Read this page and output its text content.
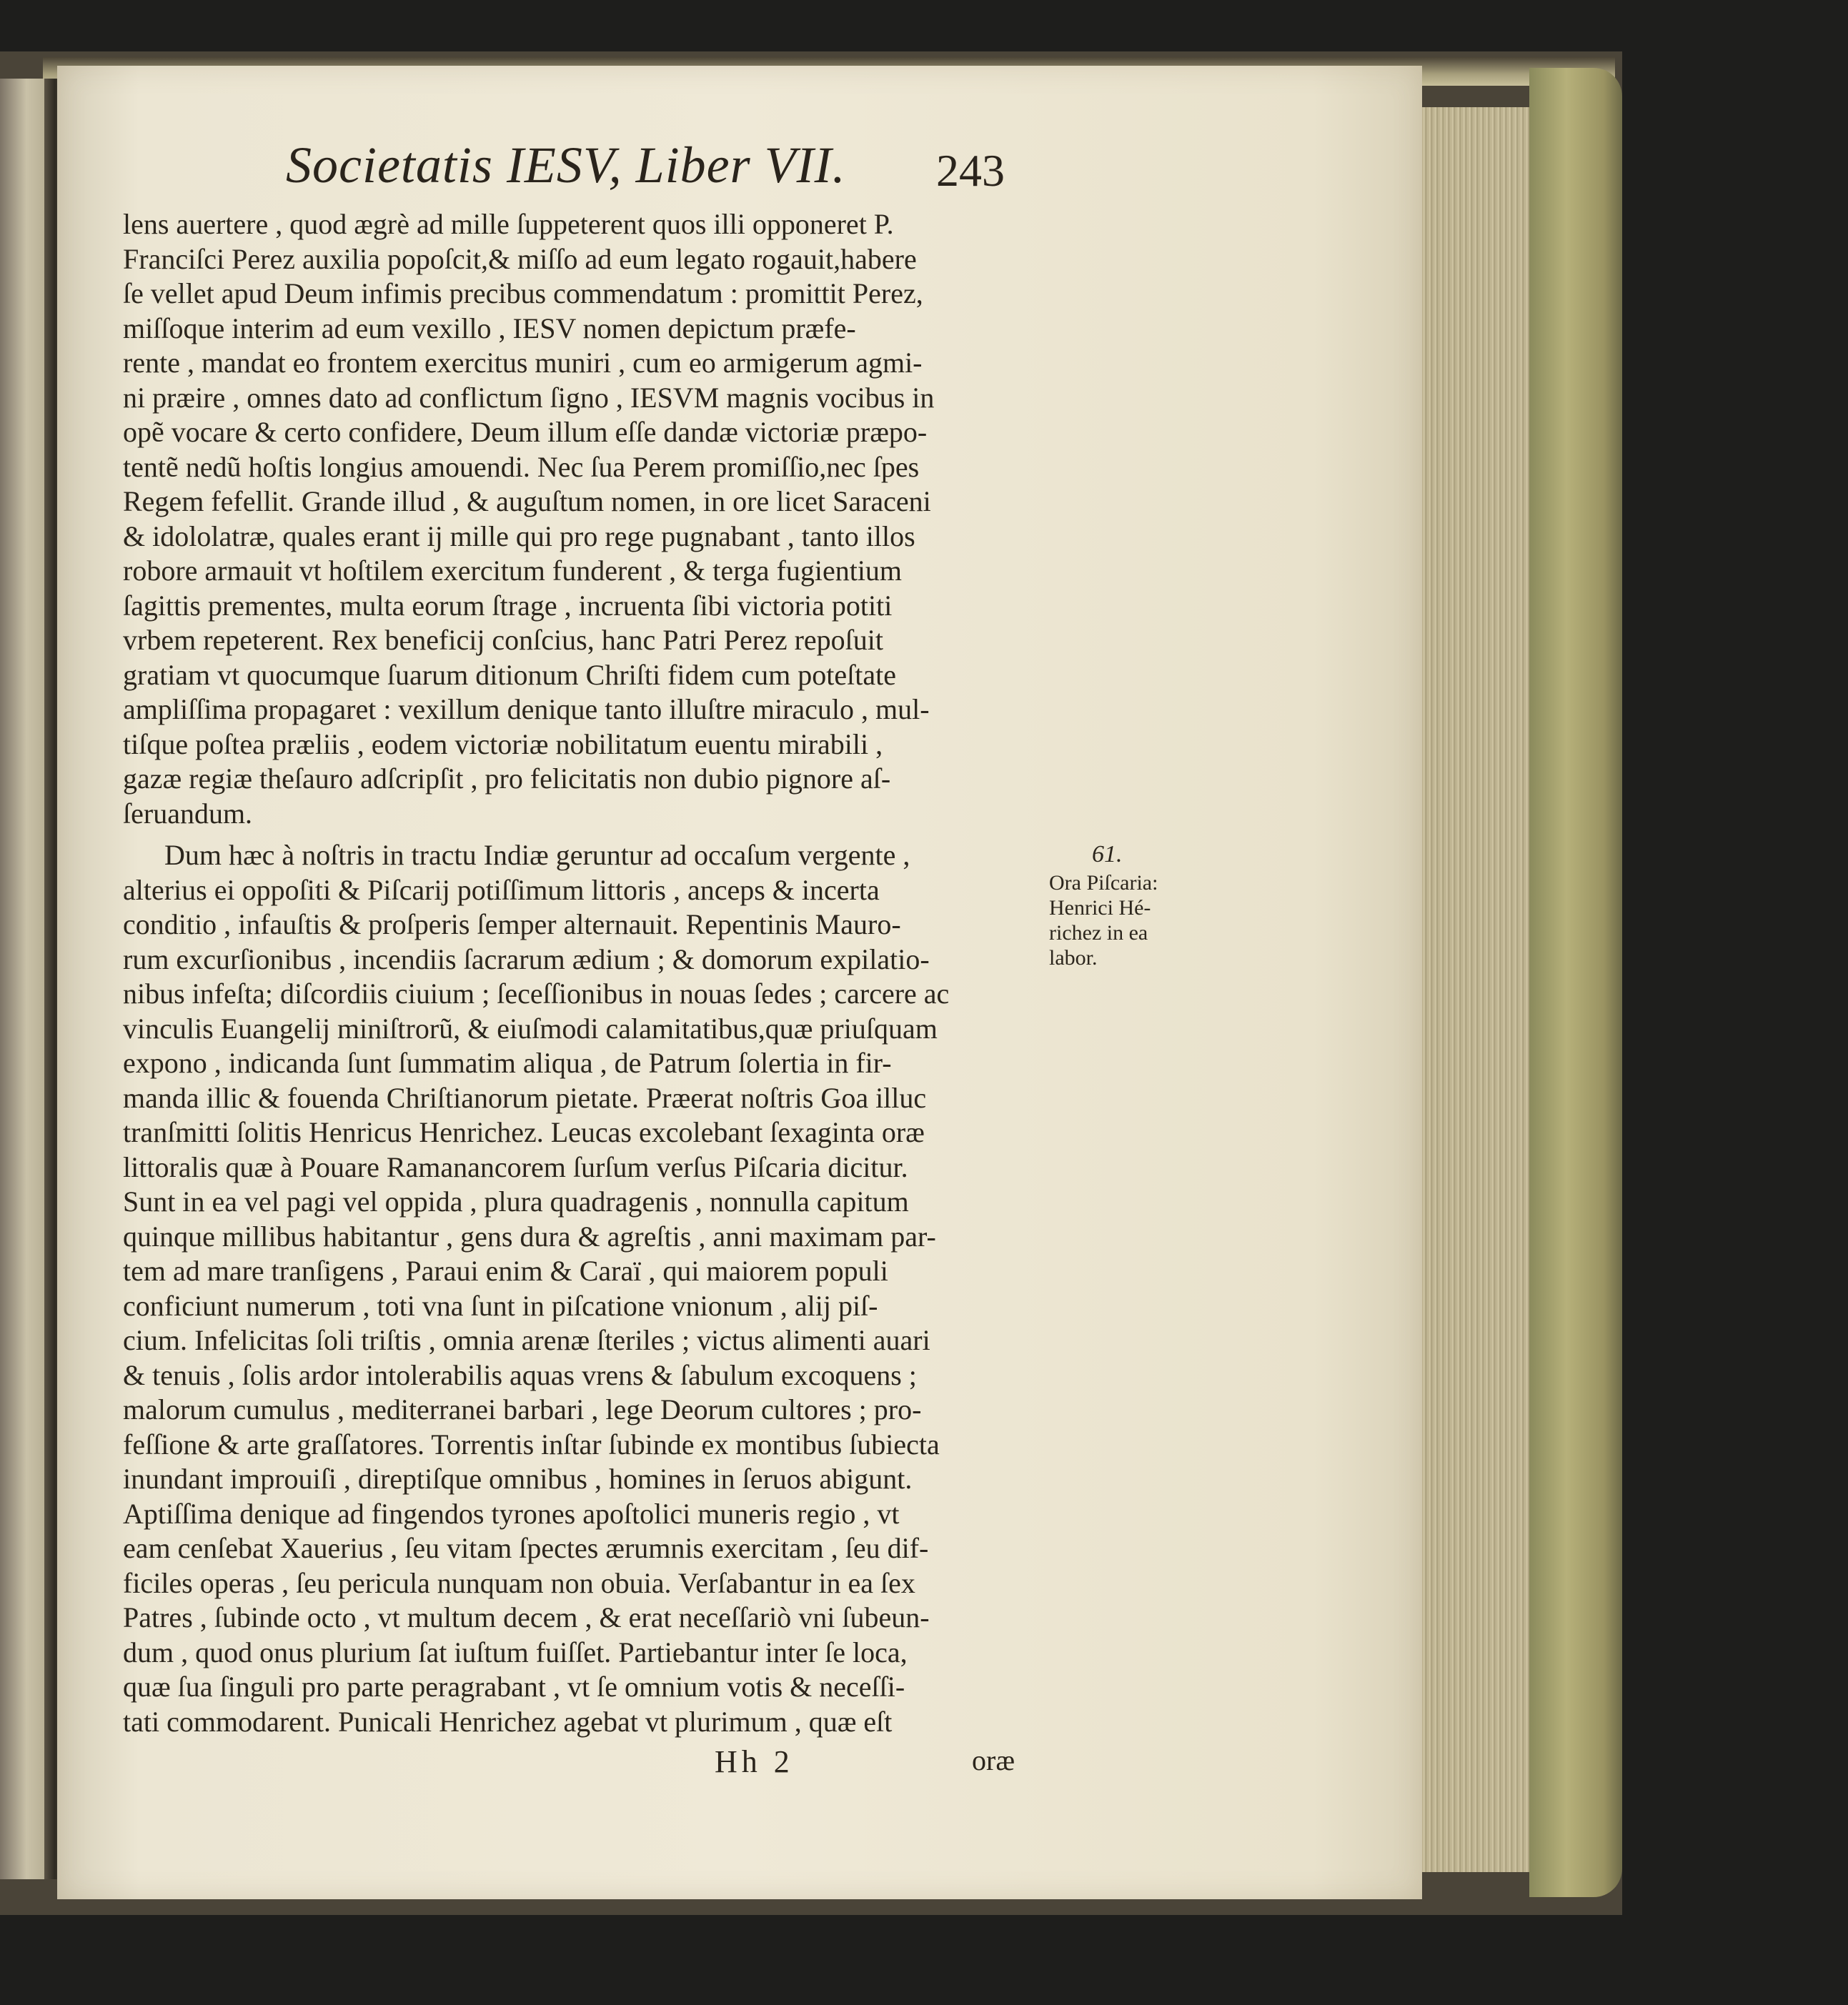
Societatis IESV, Liber VII. 243
lens auertere , quod ægrè ad mille ſuppeterent quos illi opponeret P.
Franciſci Perez auxilia popoſcit,& miſſo ad eum legato rogauit,habere
ſe vellet apud Deum infimis precibus commendatum : promittit Perez,
miſſoque interim ad eum vexillo , IESV nomen depictum præfe-
rente , mandat eo frontem exercitus muniri , cum eo armigerum agmi-
ni præire , omnes dato ad conflictum ſigno , IESVM magnis vocibus in
opẽ vocare & certo confidere, Deum illum eſſe dandæ victoriæ præpo-
tentẽ nedũ hoſtis longius amouendi. Nec ſua Perem promiſſio,nec ſpes
Regem fefellit. Grande illud , & auguſtum nomen, in ore licet Saraceni
& idololatræ, quales erant ij mille qui pro rege pugnabant , tanto illos
robore armauit vt hoſtilem exercitum funderent , & terga fugientium
ſagittis prementes, multa eorum ſtrage , incruenta ſibi victoria potiti
vrbem repeterent. Rex beneficij conſcius, hanc Patri Perez repoſuit
gratiam vt quocumque ſuarum ditionum Chriſti fidem cum poteſtate
ampliſſima propagaret : vexillum denique tanto illuſtre miraculo , mul-
tiſque poſtea præliis , eodem victoriæ nobilitatum euentu mirabili ,
gazæ regiæ theſauro adſcripſit , pro felicitatis non dubio pignore aſ-
ſeruandum.
Dum hæc à noſtris in tractu Indiæ geruntur ad occaſum vergente ,
alterius ei oppoſiti & Piſcarij potiſſimum littoris , anceps & incerta
conditio , infauſtis & proſperis ſemper alternauit. Repentinis Mauro-
rum excurſionibus , incendiis ſacrarum ædium ; & domorum expilatio-
nibus infeſta; diſcordiis ciuium ; ſeceſſionibus in nouas ſedes ; carcere ac
vinculis Euangelij miniſtrorũ, & eiuſmodi calamitatibus,quæ priuſquam
expono , indicanda ſunt ſummatim aliqua , de Patrum ſolertia in fir-
manda illic & fouenda Chriſtianorum pietate. Præerat noſtris Goa illuc
tranſmitti ſolitis Henricus Henrichez. Leucas excolebant ſexaginta oræ
littoralis quæ à Pouare Ramanancorem ſurſum verſus Piſcaria dicitur.
Sunt in ea vel pagi vel oppida , plura quadragenis , nonnulla capitum
quinque millibus habitantur , gens dura & agreſtis , anni maximam par-
tem ad mare tranſigens , Paraui enim & Caraï , qui maiorem populi
conficiunt numerum , toti vna ſunt in piſcatione vnionum , alij piſ-
cium. Infelicitas ſoli triſtis , omnia arenæ ſteriles ; victus alimenti auari
& tenuis , ſolis ardor intolerabilis aquas vrens & ſabulum excoquens ;
malorum cumulus , mediterranei barbari , lege Deorum cultores ; pro-
feſſione & arte graſſatores. Torrentis inſtar ſubinde ex montibus ſubiecta
inundant improuiſi , direptiſque omnibus , homines in ſeruos abigunt.
Aptiſſima denique ad fingendos tyrones apoſtolici muneris regio , vt
eam cenſebat Xauerius , ſeu vitam ſpectes ærumnis exercitam , ſeu dif-
ficiles operas , ſeu pericula nunquam non obuia. Verſabantur in ea ſex
Patres , ſubinde octo , vt multum decem , & erat neceſſariò vni ſubeun-
dum , quod onus plurium ſat iuſtum fuiſſet. Partiebantur inter ſe loca,
quæ ſua ſinguli pro parte peragrabant , vt ſe omnium votis & neceſſi-
tati commodarent. Punicali Henrichez agebat vt plurimum , quæ eſt
61.
Ora Piſcaria:
Henrici Hé-
richez in ea
labor.
Hh 2	oræ
